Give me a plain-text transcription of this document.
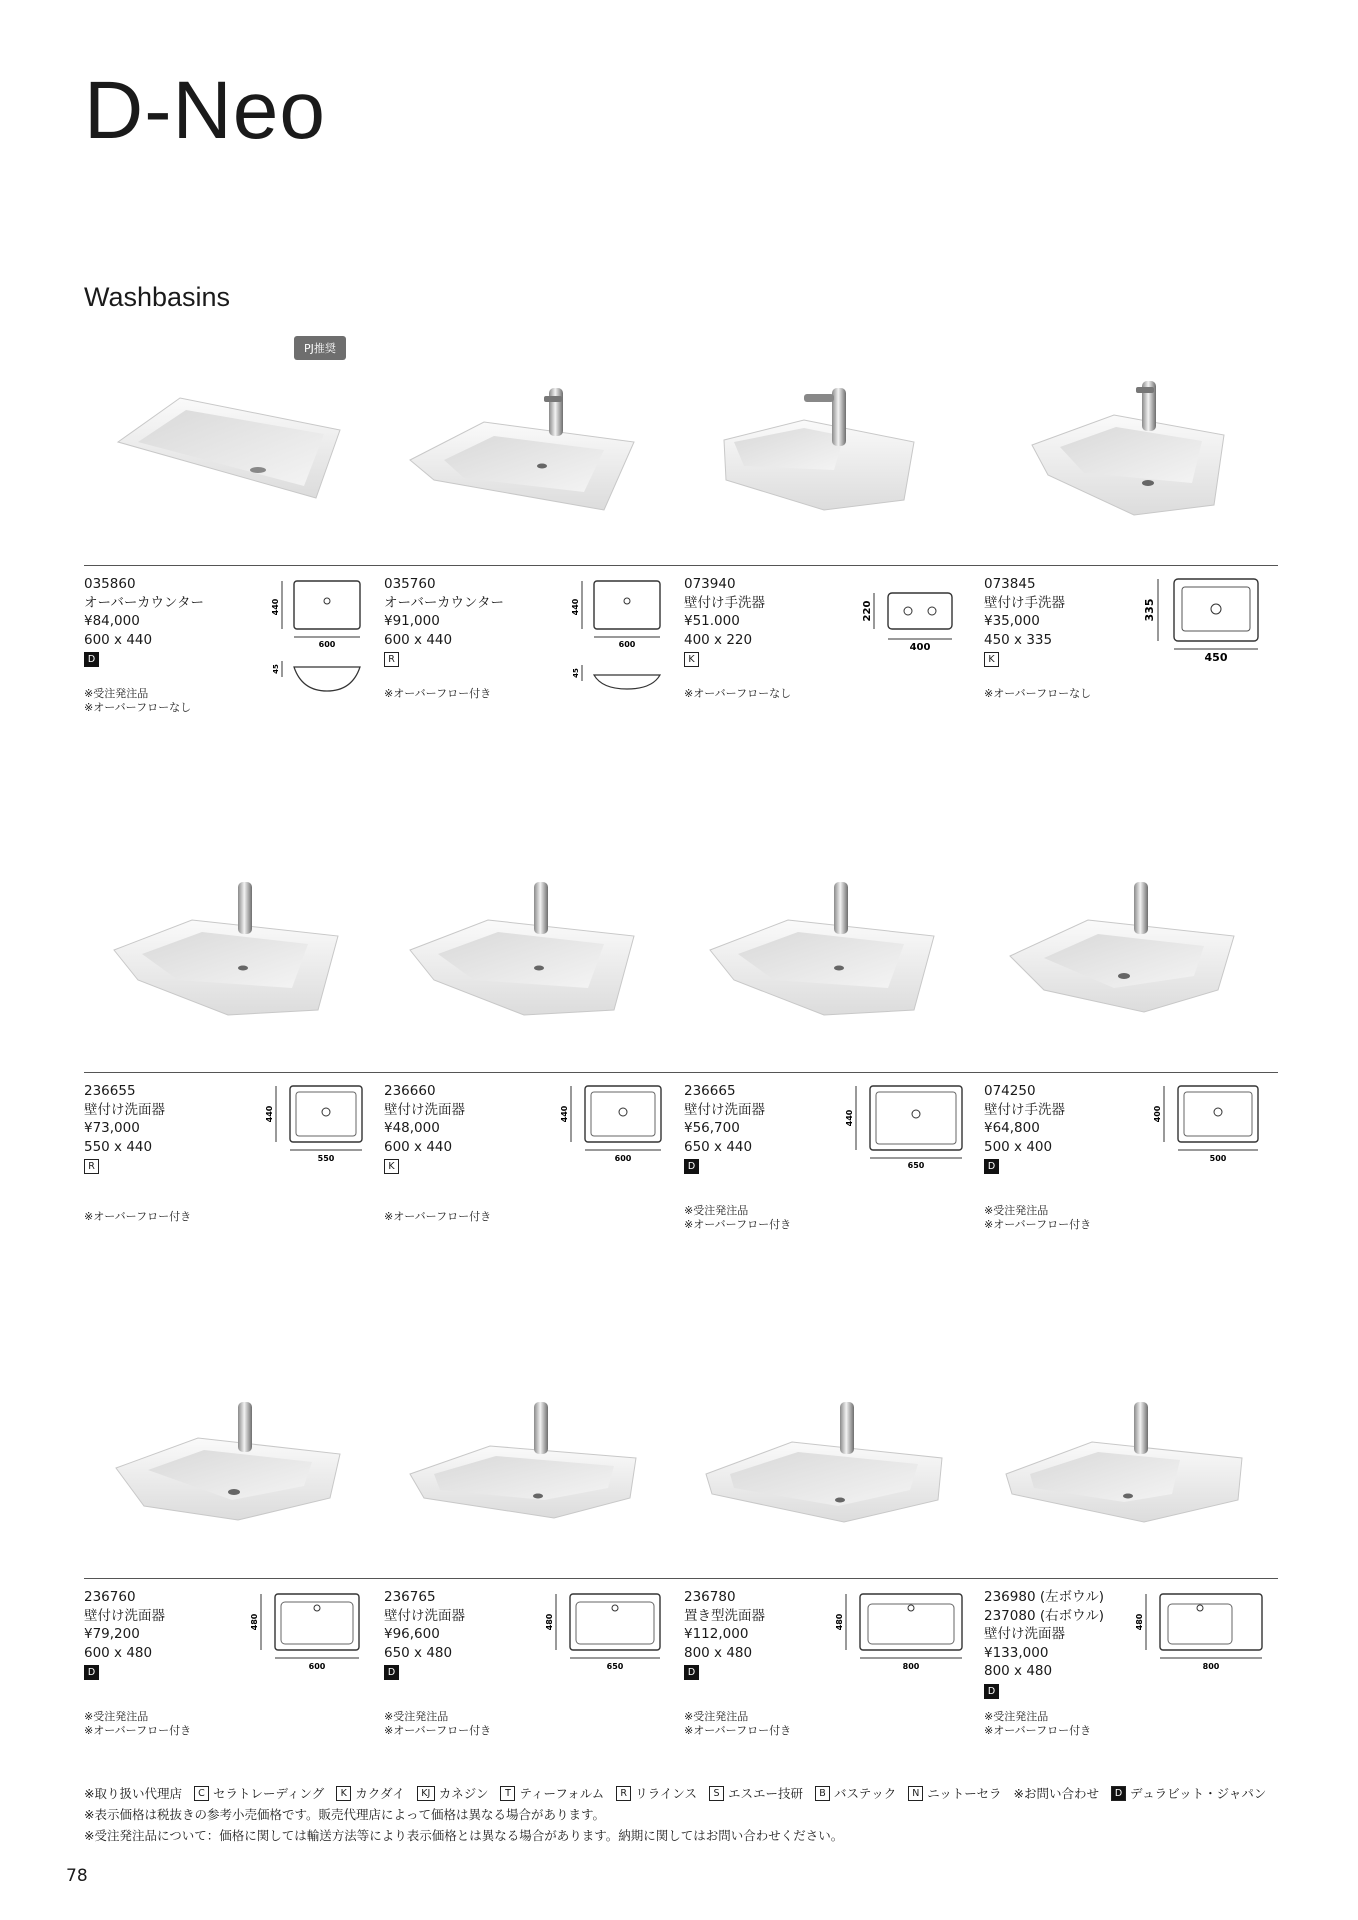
D-Neo
Washbasins
PJ推奨
035860
オーバーカウンター
¥84,000
600 x 440
D
※受注発注品
※オーバーフローなし
440
600
45
035760
オーバーカウンター
¥91,000
600 x 440
R
※オーバーフロー付き
440
600
45
073940
壁付け手洗器
¥51.000
400 x 220
K
※オーバーフローなし
220
400
073845
壁付け手洗器
¥35,000
450 x 335
K
※オーバーフローなし
335
450
236655
壁付け洗面器
¥73,000
550 x 440
R
※オーバーフロー付き
440
550
236660
壁付け洗面器
¥48,000
600 x 440
K
※オーバーフロー付き
440
600
236665
壁付け洗面器
¥56,700
650 x 440
D
※受注発注品
※オーバーフロー付き
440
650
074250
壁付け手洗器
¥64,800
500 x 400
D
※受注発注品
※オーバーフロー付き
400
500
236760
壁付け洗面器
¥79,200
600 x 480
D
※受注発注品
※オーバーフロー付き
480
600
236765
壁付け洗面器
¥96,600
650 x 480
D
※受注発注品
※オーバーフロー付き
480
650
236780
置き型洗面器
¥112,000
800 x 480
D
※受注発注品
※オーバーフロー付き
480
800
236980 (左ボウル)
237080 (右ボウル)
壁付け洗面器
¥133,000
800 x 480
D
※受注発注品
※オーバーフロー付き
480
800
※取り扱い代理店	C セラトレーディング	K カクダイ	KJ カネジン	T ティーフォルム	R リラインス	S エスエー技研	B バステック	N ニットーセラ ※お問い合わせ	D デュラビット・ジャパン
※表示価格は税抜きの参考小売価格です。販売代理店によって価格は異なる場合があります。
※受注発注品について：価格に関しては輸送方法等により表示価格とは異なる場合があります。納期に関してはお問い合わせください。
78
